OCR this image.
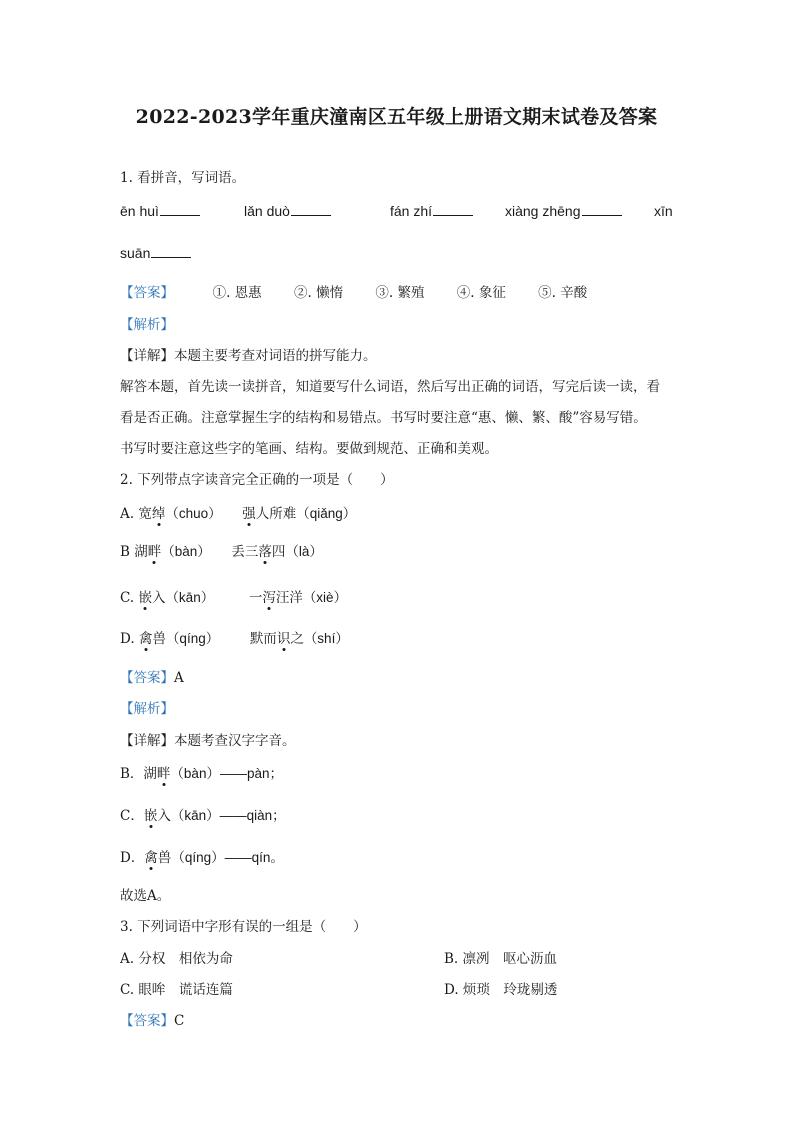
2022-2023学年重庆潼南区五年级上册语文期末试卷及答案
1. 看拼音，写词语。
ēn huì	lǎn duò	fán zhí	xiàng zhēng	xīn
suān
【答案】	①. 恩惠 ②. 懒惰 ③. 繁殖 ④. 象征 ⑤. 辛酸
【解析】
【详解】本题主要考查对词语的拼写能力。
解答本题，首先读一读拼音，知道要写什么词语，然后写出正确的词语，写完后读一读，看
看是否正确。注意掌握生字的结构和易错点。书写时要注意“惠、懒、繁、酸”容易写错。
书写时要注意这些字的笔画、结构。要做到规范、正确和美观。
2. 下列带点字读音完全正确的一项是（　　）
A. 宽绰（chuo） 强人所难（qiǎng）
B 湖畔（bàn） 丢三落四（là）
C. 嵌入（kān）	一泻汪洋（xiè）
D. 禽兽（qíng） 默而识之（shí）
【答案】A
【解析】
【详解】本题考查汉字字音。
B．湖畔（bàn）——pàn；
C．嵌入（kān）——qiàn；
D．禽兽（qíng）——qín。
故选A。
3. 下列词语中字形有误的一组是（　　）
A. 分权　相依为命	B. 凛冽　呕心沥血
C. 眼哞　谎话连篇	D. 烦琐　玲珑剔透
【答案】C
